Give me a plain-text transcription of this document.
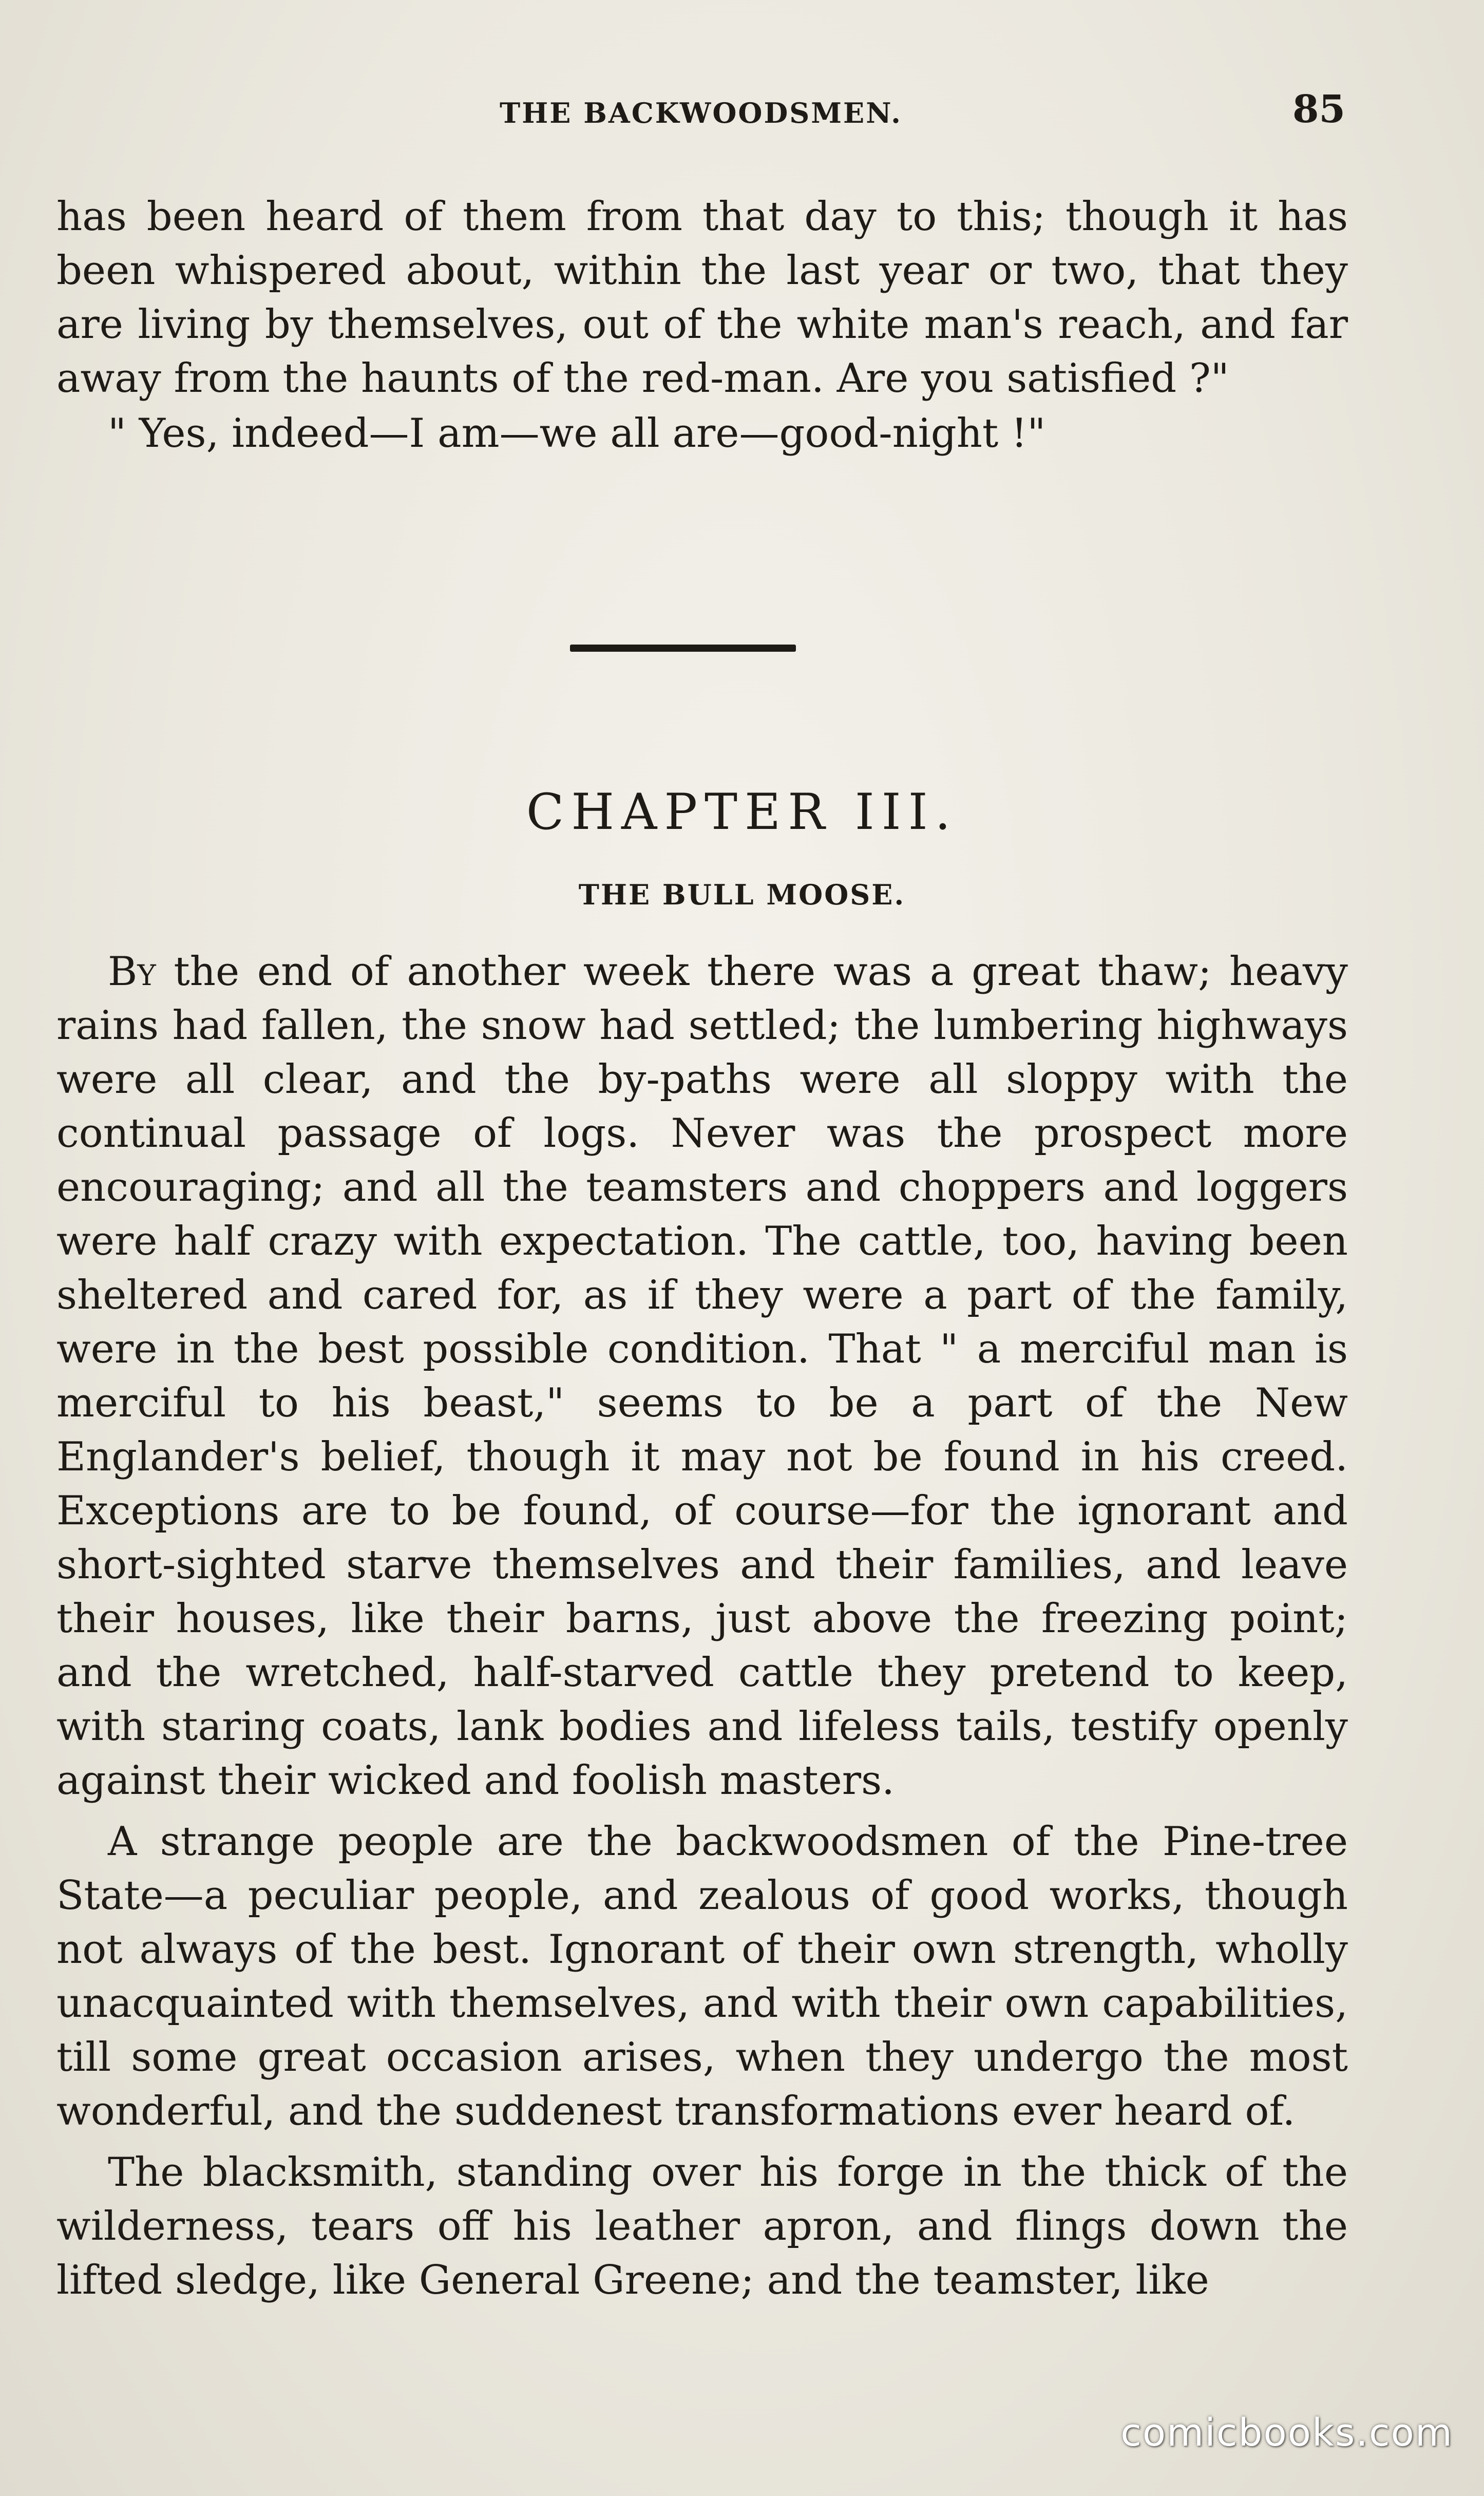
THE BACKWOODSMEN.	85

has been heard of them from that day to this; though it has been whispered about, within the last year or two, that they are living by themselves, out of the white man's reach, and far away from the haunts of the red-man. Are you satisfied ?"

" Yes, indeed—I am—we all are—good-night !"

CHAPTER III.
THE BULL MOOSE.

By the end of another week there was a great thaw; heavy rains had fallen, the snow had settled; the lumbering highways were all clear, and the by-paths were all sloppy with the continual passage of logs. Never was the prospect more encouraging; and all the teamsters and choppers and loggers were half crazy with expectation. The cattle, too, having been sheltered and cared for, as if they were a part of the family, were in the best possible condition. That " a merciful man is merciful to his beast," seems to be a part of the New Englander's belief, though it may not be found in his creed. Exceptions are to be found, of course—for the ignorant and short-sighted starve themselves and their families, and leave their houses, like their barns, just above the freezing point; and the wretched, half-starved cattle they pretend to keep, with staring coats, lank bodies and lifeless tails, testify openly against their wicked and foolish masters.

A strange people are the backwoodsmen of the Pine-tree State—a peculiar people, and zealous of good works, though not always of the best. Ignorant of their own strength, wholly unacquainted with themselves, and with their own capabilities, till some great occasion arises, when they undergo the most wonderful, and the suddenest transformations ever heard of.

The blacksmith, standing over his forge in the thick of the wilderness, tears off his leather apron, and flings down the lifted sledge, like General Greene; and the teamster, like

comicbooks.com
